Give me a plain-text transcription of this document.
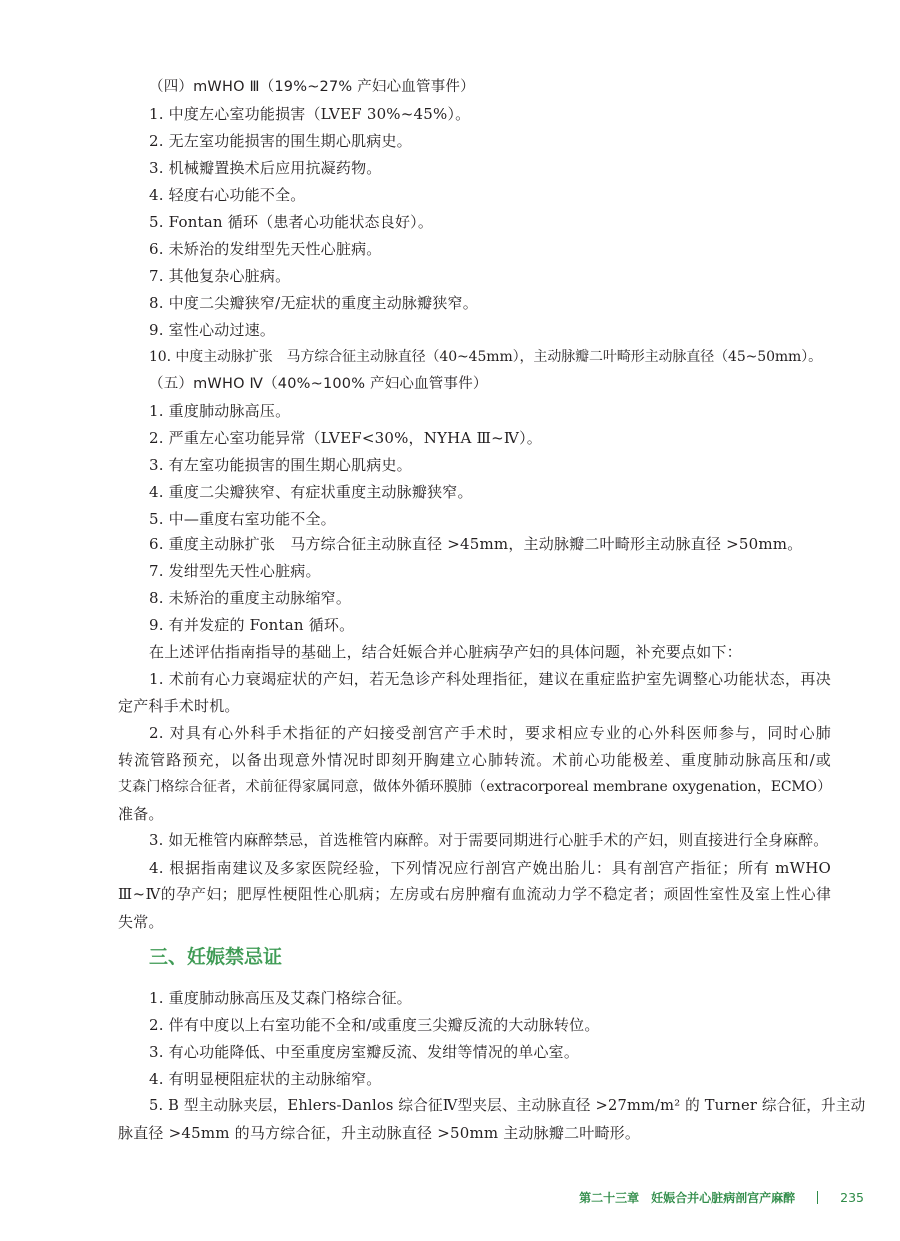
（四）mWHO Ⅲ（19%~27% 产妇心血管事件）
1. 中度左心室功能损害（LVEF 30%~45%）。
2. 无左室功能损害的围生期心肌病史。
3. 机械瓣置换术后应用抗凝药物。
4. 轻度右心功能不全。
5. Fontan 循环（患者心功能状态良好）。
6. 未矫治的发绀型先天性心脏病。
7. 其他复杂心脏病。
8. 中度二尖瓣狭窄/无症状的重度主动脉瓣狭窄。
9. 室性心动过速。
10. 中度主动脉扩张　马方综合征主动脉直径（40~45mm），主动脉瓣二叶畸形主动脉直径（45~50mm）。
（五）mWHO Ⅳ（40%~100% 产妇心血管事件）
1. 重度肺动脉高压。
2. 严重左心室功能异常（LVEF<30%，NYHA Ⅲ~Ⅳ）。
3. 有左室功能损害的围生期心肌病史。
4. 重度二尖瓣狭窄、有症状重度主动脉瓣狭窄。
5. 中—重度右室功能不全。
6. 重度主动脉扩张　马方综合征主动脉直径 >45mm，主动脉瓣二叶畸形主动脉直径 >50mm。
7. 发绀型先天性心脏病。
8. 未矫治的重度主动脉缩窄。
9. 有并发症的 Fontan 循环。
在上述评估指南指导的基础上，结合妊娠合并心脏病孕产妇的具体问题，补充要点如下：
1. 术前有心力衰竭症状的产妇，若无急诊产科处理指征，建议在重症监护室先调整心功能状态，再决
定产科手术时机。
2. 对具有心外科手术指征的产妇接受剖宫产手术时，要求相应专业的心外科医师参与，同时心肺
转流管路预充，以备出现意外情况时即刻开胸建立心肺转流。术前心功能极差、重度肺动脉高压和/或
艾森门格综合征者，术前征得家属同意，做体外循环膜肺（extracorporeal membrane oxygenation，ECMO）
准备。
3. 如无椎管内麻醉禁忌，首选椎管内麻醉。对于需要同期进行心脏手术的产妇，则直接进行全身麻醉。
4. 根据指南建议及多家医院经验，下列情况应行剖宫产娩出胎儿：具有剖宫产指征；所有 mWHO
Ⅲ~Ⅳ的孕产妇；肥厚性梗阻性心肌病；左房或右房肿瘤有血流动力学不稳定者；顽固性室性及室上性心律
失常。
三、妊娠禁忌证
1. 重度肺动脉高压及艾森门格综合征。
2. 伴有中度以上右室功能不全和/或重度三尖瓣反流的大动脉转位。
3. 有心功能降低、中至重度房室瓣反流、发绀等情况的单心室。
4. 有明显梗阻症状的主动脉缩窄。
5. B 型主动脉夹层，Ehlers-Danlos 综合征Ⅳ型夹层、主动脉直径 >27mm/m² 的 Turner 综合征，升主动
脉直径 >45mm 的马方综合征，升主动脉直径 >50mm 主动脉瓣二叶畸形。
第二十三章　妊娠合并心脏病剖宫产麻醉	235
